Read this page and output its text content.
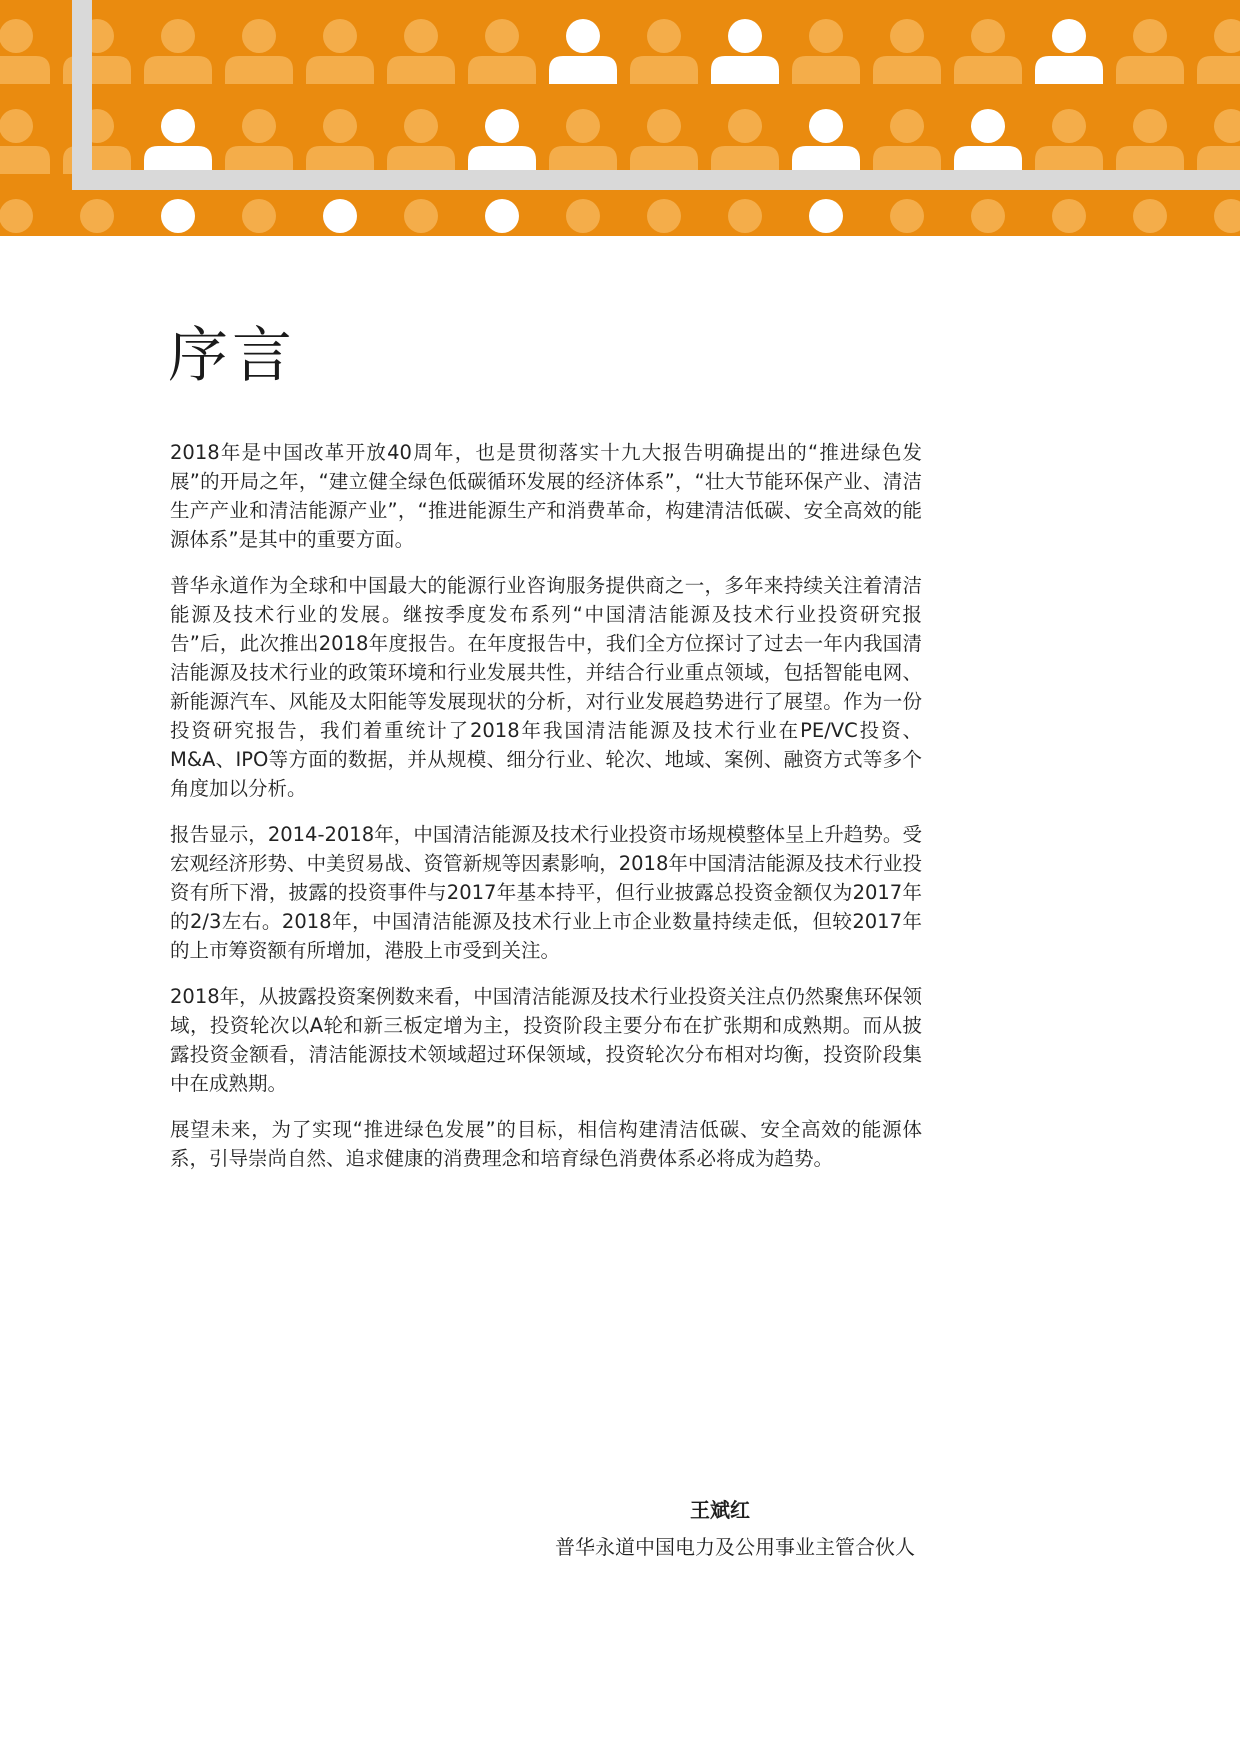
序言

2018年是中国改革开放40周年，也是贯彻落实十九大报告明确提出的“推进绿色发展”的开局之年，“建立健全绿色低碳循环发展的经济体系”，“壮大节能环保产业、清洁生产产业和清洁能源产业”，“推进能源生产和消费革命，构建清洁低碳、安全高效的能源体系”是其中的重要方面。

普华永道作为全球和中国最大的能源行业咨询服务提供商之一，多年来持续关注着清洁能源及技术行业的发展。继按季度发布系列“中国清洁能源及技术行业投资研究报告”后，此次推出2018年度报告。在年度报告中，我们全方位探讨了过去一年内我国清洁能源及技术行业的政策环境和行业发展共性，并结合行业重点领域，包括智能电网、新能源汽车、风能及太阳能等发展现状的分析，对行业发展趋势进行了展望。作为一份投资研究报告，我们着重统计了2018年我国清洁能源及技术行业在PE/VC投资、M&A、IPO等方面的数据，并从规模、细分行业、轮次、地域、案例、融资方式等多个角度加以分析。

报告显示，2014-2018年，中国清洁能源及技术行业投资市场规模整体呈上升趋势。受宏观经济形势、中美贸易战、资管新规等因素影响，2018年中国清洁能源及技术行业投资有所下滑，披露的投资事件与2017年基本持平，但行业披露总投资金额仅为2017年的2/3左右。2018年，中国清洁能源及技术行业上市企业数量持续走低，但较2017年的上市筹资额有所增加，港股上市受到关注。

2018年，从披露投资案例数来看，中国清洁能源及技术行业投资关注点仍然聚焦环保领域，投资轮次以A轮和新三板定增为主，投资阶段主要分布在扩张期和成熟期。而从披露投资金额看，清洁能源技术领域超过环保领域，投资轮次分布相对均衡，投资阶段集中在成熟期。

展望未来，为了实现“推进绿色发展”的目标，相信构建清洁低碳、安全高效的能源体系，引导崇尚自然、追求健康的消费理念和培育绿色消费体系必将成为趋势。

王斌红
普华永道中国电力及公用事业主管合伙人
